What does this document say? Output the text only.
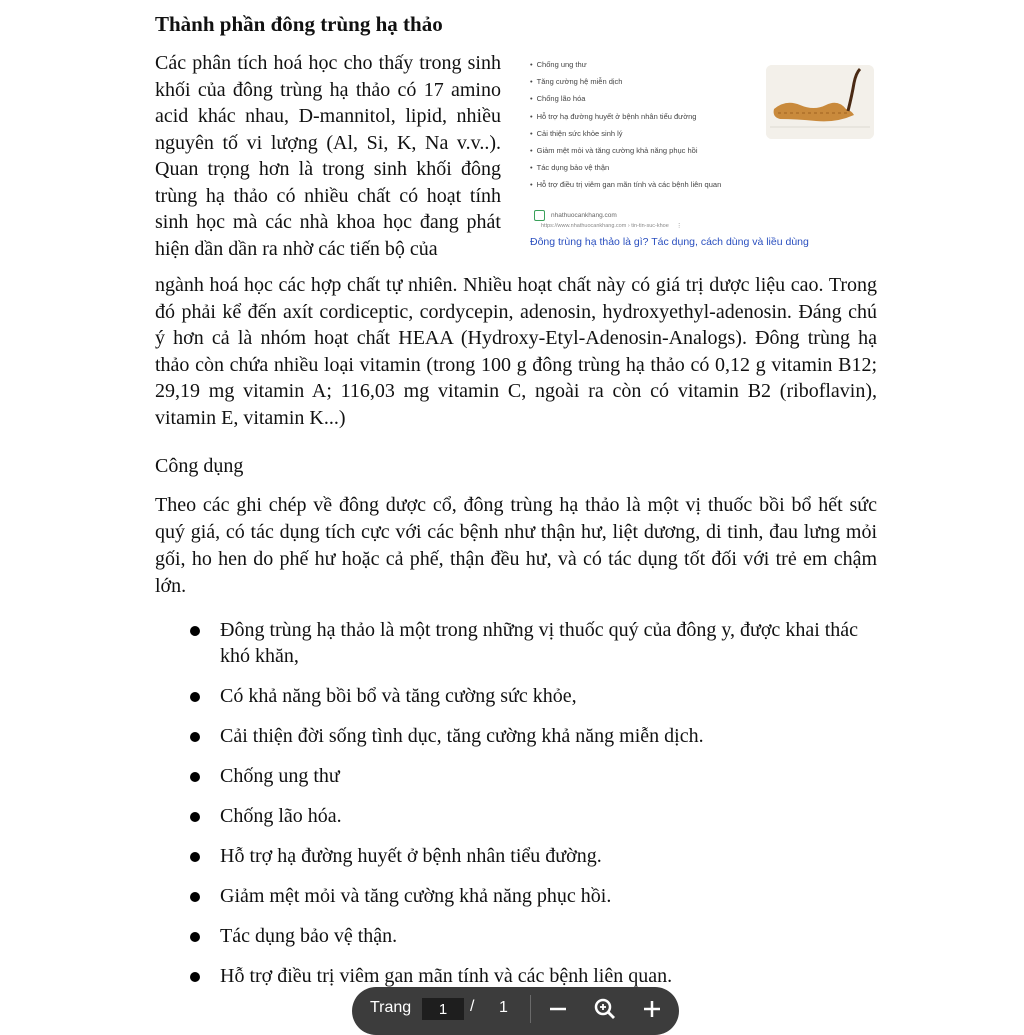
Thành phần đông trùng hạ thảo

Các phân tích hoá học cho thấy trong sinh khối của đông trùng hạ thảo có 17 amino acid khác nhau, D-mannitol, lipid, nhiều nguyên tố vi lượng (Al, Si, K, Na v.v..). Quan trọng hơn là trong sinh khối đông trùng hạ thảo có nhiều chất có hoạt tính sinh học mà các nhà khoa học đang phát hiện dần dần ra nhờ các tiến bộ của

ngành hoá học các hợp chất tự nhiên. Nhiều hoạt chất này có giá trị dược liệu cao. Trong đó phải kể đến axít cordiceptic, cordycepin, adenosin, hydroxyethyl-adenosin. Đáng chú ý hơn cả là nhóm hoạt chất HEAA (Hydroxy-Etyl-Adenosin-Analogs). Đông trùng hạ thảo còn chứa nhiều loại vitamin (trong 100 g đông trùng hạ thảo có 0,12 g vitamin B12; 29,19 mg vitamin A; 116,03 mg vitamin C, ngoài ra còn có vitamin B2 (riboflavin), vitamin E, vitamin K...)

Công dụng

Theo các ghi chép về đông dược cổ, đông trùng hạ thảo là một vị thuốc bồi bổ hết sức quý giá, có tác dụng tích cực với các bệnh như thận hư, liệt dương, di tinh, đau lưng mỏi gối, ho hen do phế hư hoặc cả phế, thận đều hư, và có tác dụng tốt đối với trẻ em chậm lớn.

Đông trùng hạ thảo là một trong những vị thuốc quý của đông y, được khai thác khó khăn,
Có khả năng bồi bổ và tăng cường sức khỏe,
Cải thiện đời sống tình dục, tăng cường khả năng miễn dịch.
Chống ung thư
Chống lão hóa.
Hỗ trợ hạ đường huyết ở bệnh nhân tiểu đường.
Giảm mệt mỏi và tăng cường khả năng phục hồi.
Tác dụng bảo vệ thận.
Hỗ trợ điều trị viêm gan mãn tính và các bệnh liên quan.
• Chống ung thư
• Tăng cường hệ miễn dịch
• Chống lão hóa
• Hỗ trợ hạ đường huyết ở bệnh nhân tiểu đường
• Cải thiện sức khỏe sinh lý
• Giảm mệt mỏi và tăng cường khả năng phục hồi
• Tác dụng bảo vệ thận
• Hỗ trợ điều trị viêm gan mãn tính và các bệnh liên quan
nhathuocankhang.com
https://www.nhathuocankhang.com › tin-tin-suc-khoe ⋮
Đông trùng hạ thảo là gì? Tác dụng, cách dùng và liều dùng
Trang
1	/ 1
